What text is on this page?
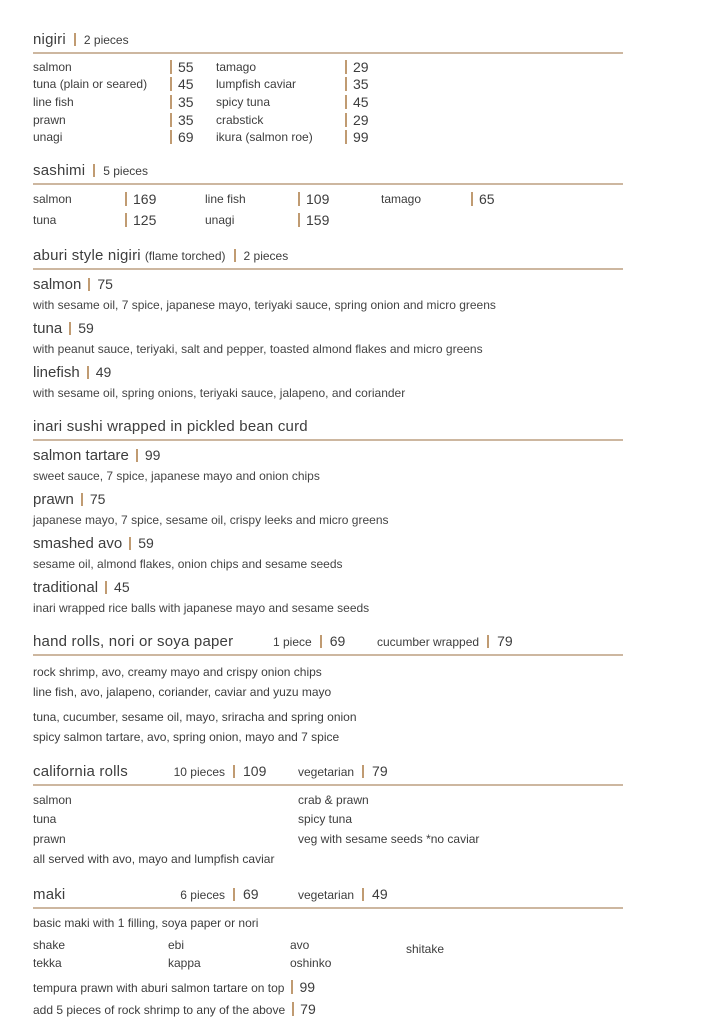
nigiri 2 pieces
salmon	55
tuna (plain or seared)	45
line fish	35
prawn	35
unagi	69
tamago	29
lumpfish caviar	35
spicy tuna	45
crabstick	29
ikura (salmon roe)	99
sashimi 5 pieces
salmon	169
tuna	125
line fish	109
unagi	159
tamago	65
aburi style nigiri (flame torched) 2 pieces
salmon 75
with sesame oil, 7 spice, japanese mayo, teriyaki sauce, spring onion and micro greens
tuna 59
with peanut sauce, teriyaki, salt and pepper, toasted almond flakes and micro greens
linefish 49
with sesame oil, spring onions, teriyaki sauce, jalapeno, and coriander
inari sushi wrapped in pickled bean curd
salmon tartare 99
sweet sauce, 7 spice, japanese mayo and onion chips
prawn 75
japanese mayo, 7 spice, sesame oil, crispy leeks and micro greens
smashed avo 59
sesame oil, almond flakes, onion chips and sesame seeds
traditional 45
inari wrapped rice balls with japanese mayo and sesame seeds
hand rolls, nori or soya paper	1 piece 69	cucumber wrapped 79
rock shrimp, avo, creamy mayo and crispy onion chips
line fish, avo, jalapeno, coriander, caviar and yuzu mayo
tuna, cucumber, sesame oil, mayo, sriracha and spring onion
spicy salmon tartare, avo, spring onion, mayo and 7 spice
california rolls	10 pieces 109	vegetarian 79
salmon
tuna
prawn
crab & prawn
spicy tuna
veg with sesame seeds *no caviar
all served with avo, mayo and lumpfish caviar
maki	6 pieces 69	vegetarian 49
basic maki with 1 filling, soya paper or nori
shake	ebi	avo	shitake
tekka	kappa	oshinko
tempura prawn with aburi salmon tartare on top 99
add 5 pieces of rock shrimp to any of the above 79
